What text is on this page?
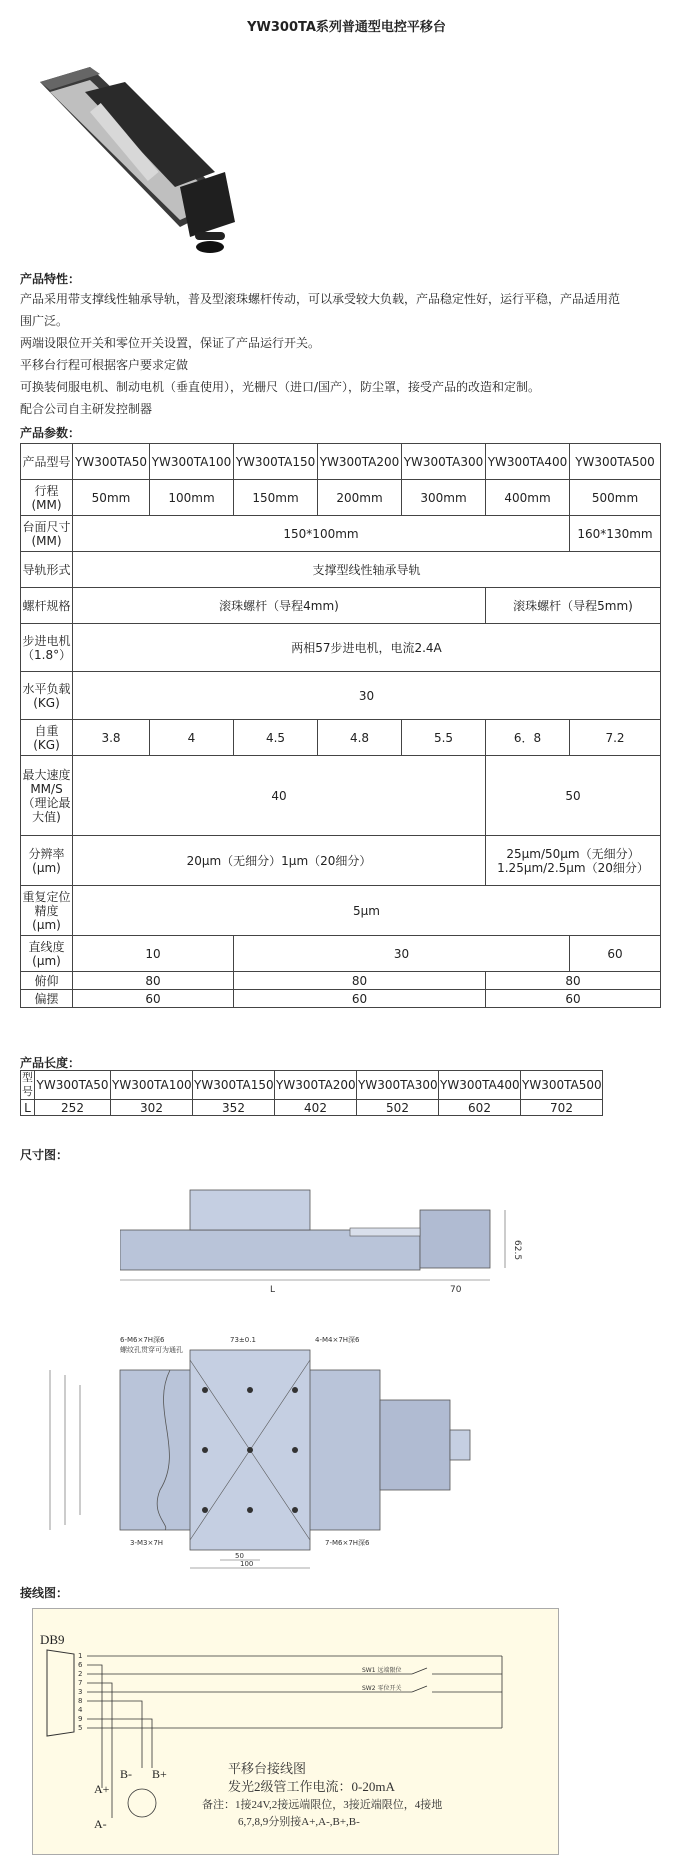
YW300TA系列普通型电控平移台
产品特性：
产品采用带支撑线性轴承导轨，普及型滚珠螺杆传动，可以承受较大负载，产品稳定性好，运行平稳，产品适用范
围广泛。
两端设限位开关和零位开关设置，保证了产品运行开关。
平移台行程可根据客户要求定做
可换装伺服电机、制动电机（垂直使用），光栅尺（进口/国产），防尘罩，接受产品的改造和定制。
配合公司自主研发控制器
产品参数：
产品型号	YW300TA50	YW300TA100	YW300TA150	YW300TA200	YW300TA300	YW300TA400	YW300TA500
行程(MM)	50mm	100mm	150mm	200mm	300mm	400mm	500mm
台面尺寸(MM)	150*100mm						160*130mm
导轨形式	支撑型线性轴承导轨						
螺杆规格	滚珠螺杆（导程4mm)					滚珠螺杆（导程5mm)	
步进电机（1.8°）	两相57步进电机，电流2.4A						
水平负载(KG)	30						
自重(KG)	3.8	4	4.5	4.8	5.5	6．8	7.2
最大速度MM/S（理论最大值)	40					50	
分辨率(μm)	20μm（无细分）1μm（20细分）					25μm/50μm（无细分） 1.25μm/2.5μm（20细分）	
重复定位精度(μm)	5μm						
直线度(μm)	10		30				60
俯仰	80		80			80	
偏摆	60		60			60	
产品长度：
型号	YW300TA50	YW300TA100	YW300TA150	YW300TA200	YW300TA300	YW300TA400	YW300TA500
L	252	302	352	402	502	602	702
尺寸图：
L	70
62.5
6-M6×7H深6
螺纹孔贯穿可为通孔
73±0.1	4-M4×7H深6
3-M3×7H	7-M6×7H深6
50
100
接线图：
DB9
1
6
2
7
3
8
4
9
5
SW1 远端限位
SW2 零位开关
A+
A-
B- B+	平移台接线图
发光2级管工作电流：0-20mA
备注：1接24V,2接远端限位，3接近端限位，4接地
6,7,8,9分别接A+,A-,B+,B-
